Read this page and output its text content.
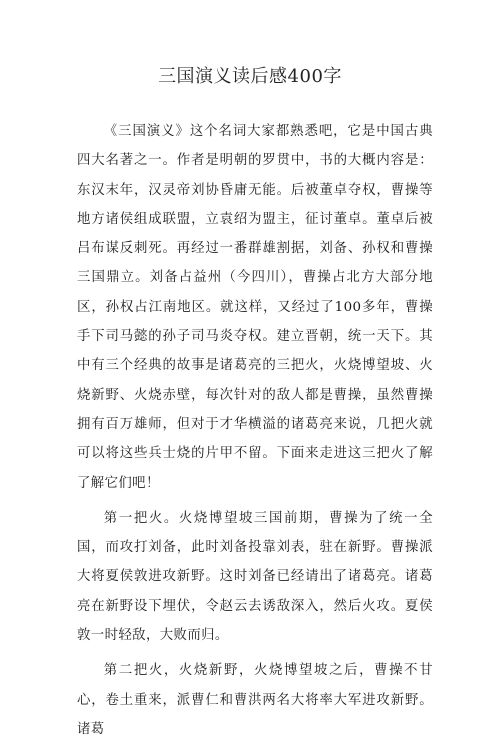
三国演义读后感400字

《三国演义》这个名词大家都熟悉吧，它是中国古典四大名著之一。作者是明朝的罗贯中，书的大概内容是：东汉末年，汉灵帝刘协昏庸无能。后被董卓夺权，曹操等地方诸侯组成联盟，立袁绍为盟主，征讨董卓。董卓后被吕布谋反刺死。再经过一番群雄割据，刘备、孙权和曹操三国鼎立。刘备占益州（今四川），曹操占北方大部分地区，孙权占江南地区。就这样，又经过了100多年，曹操手下司马懿的孙子司马炎夺权。建立晋朝，统一天下。其中有三个经典的故事是诸葛亮的三把火，火烧博望坡、火烧新野、火烧赤壁，每次针对的敌人都是曹操，虽然曹操拥有百万雄师，但对于才华横溢的诸葛亮来说，几把火就可以将这些兵士烧的片甲不留。下面来走进这三把火了解了解它们吧！

第一把火。火烧博望坡三国前期，曹操为了统一全国，而攻打刘备，此时刘备投靠刘表，驻在新野。曹操派大将夏侯敦进攻新野。这时刘备已经请出了诸葛亮。诸葛亮在新野设下埋伏，令赵云去诱敌深入，然后火攻。夏侯敦一时轻敌，大败而归。

第二把火，火烧新野，火烧博望坡之后，曹操不甘心，卷土重来，派曹仁和曹洪两名大将率大军进攻新野。诸葛
